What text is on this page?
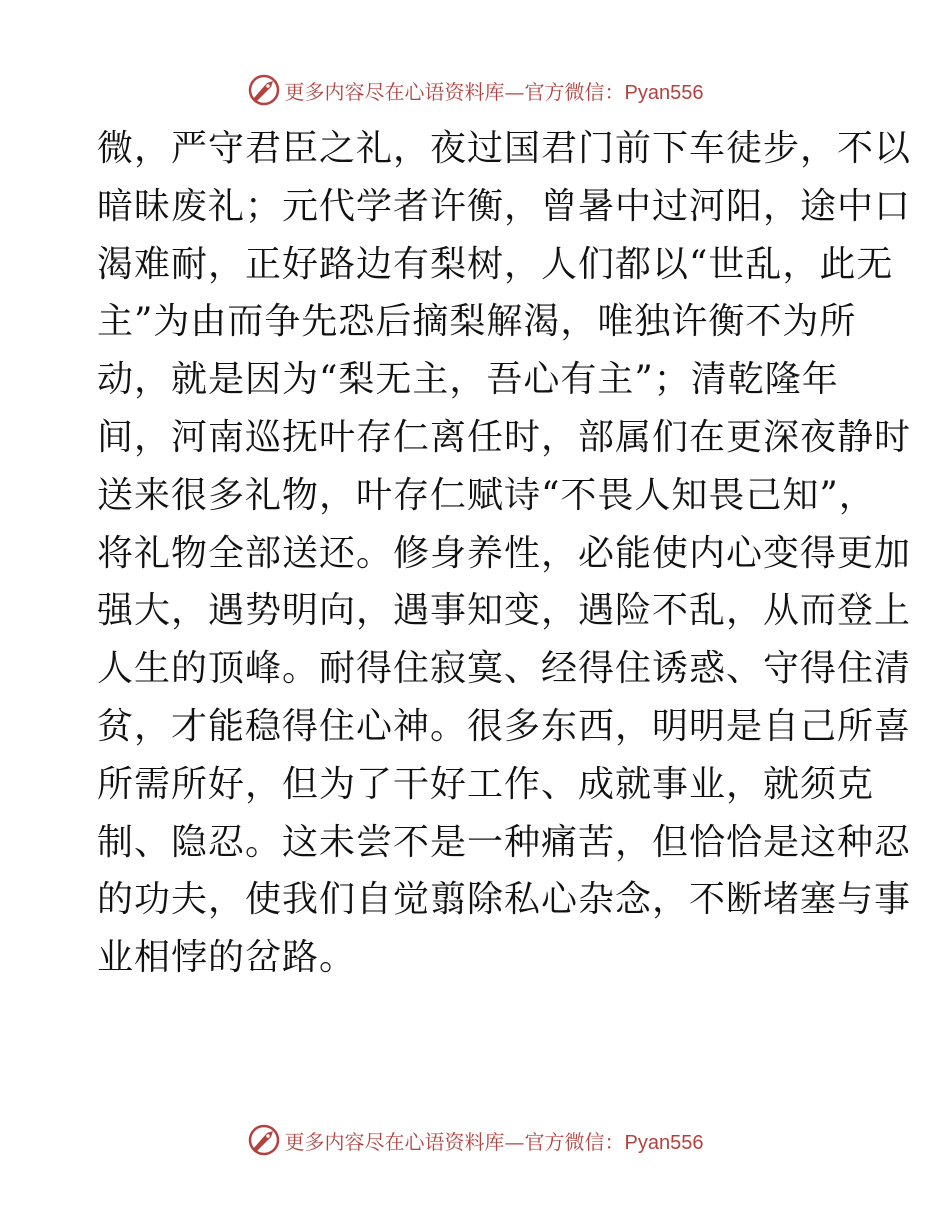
更多内容尽在心语资料库—官方微信：Pyan556
微，严守君臣之礼，夜过国君门前下车徒步，不以
暗昧废礼；元代学者许衡，曾暑中过河阳，途中口
渴难耐，正好路边有梨树，人们都以“世乱，此无
主”为由而争先恐后摘梨解渴，唯独许衡不为所
动，就是因为“梨无主，吾心有主”；清乾隆年
间，河南巡抚叶存仁离任时，部属们在更深夜静时
送来很多礼物，叶存仁赋诗“不畏人知畏己知”，
将礼物全部送还。修身养性，必能使内心变得更加
强大，遇势明向，遇事知变，遇险不乱，从而登上
人生的顶峰。耐得住寂寞、经得住诱惑、守得住清
贫，才能稳得住心神。很多东西，明明是自己所喜
所需所好，但为了干好工作、成就事业，就须克
制、隐忍。这未尝不是一种痛苦，但恰恰是这种忍
的功夫，使我们自觉翦除私心杂念，不断堵塞与事
业相悖的岔路。
更多内容尽在心语资料库—官方微信：Pyan556
